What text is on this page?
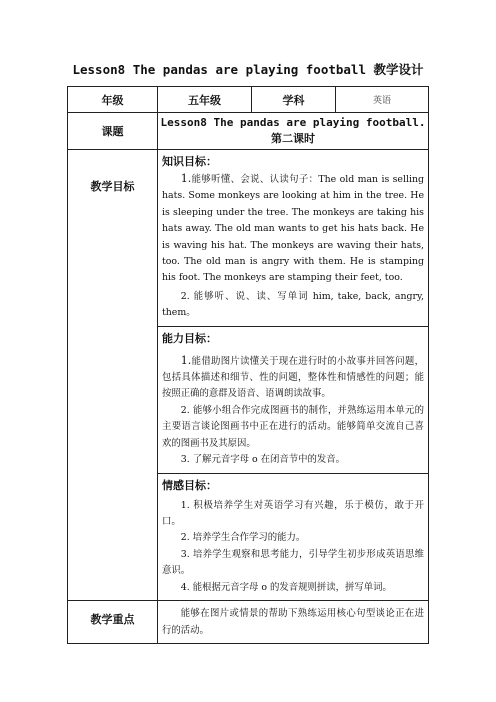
Lesson8 The pandas are playing football 教学设计
年级	五年级	学科	英语
课题	Lesson8 The pandas are playing football.
第二课时		

教学目标	知识目标：

1.能够听懂、会说、认读句子：The old man is selling hats. Some monkeys are looking at him in the tree. He is sleeping under the tree. The monkeys are taking his hats away. The old man wants to get his hats back. He is waving his hat. The monkeys are waving their hats, too. The old man is angry with them. He is stamping his foot. The monkeys are stamping their feet, too.

2. 能够听、说、读、写单词 him, take, back, angry, them。		

	能力目标：

1.能借助图片读懂关于现在进行时的小故事并回答问题，包括具体描述和细节、性的问题，整体性和情感性的问题；能按照正确的意群及语音、语调朗读故事。

2. 能够小组合作完成图画书的制作，并熟练运用本单元的主要语言谈论图画书中正在进行的活动。能够简单交流自己喜欢的图画书及其原因。

3. 了解元音字母 o 在闭音节中的发音。		

	情感目标：

1. 积极培养学生对英语学习有兴趣，乐于模仿，敢于开口。

2. 培养学生合作学习的能力。

3. 培养学生观察和思考能力，引导学生初步形成英语思维意识。

4. 能根据元音字母 o 的发音规则拼读，拼写单词。		

教学重点	能够在图片或情景的帮助下熟练运用核心句型谈论正在进行的活动。		
